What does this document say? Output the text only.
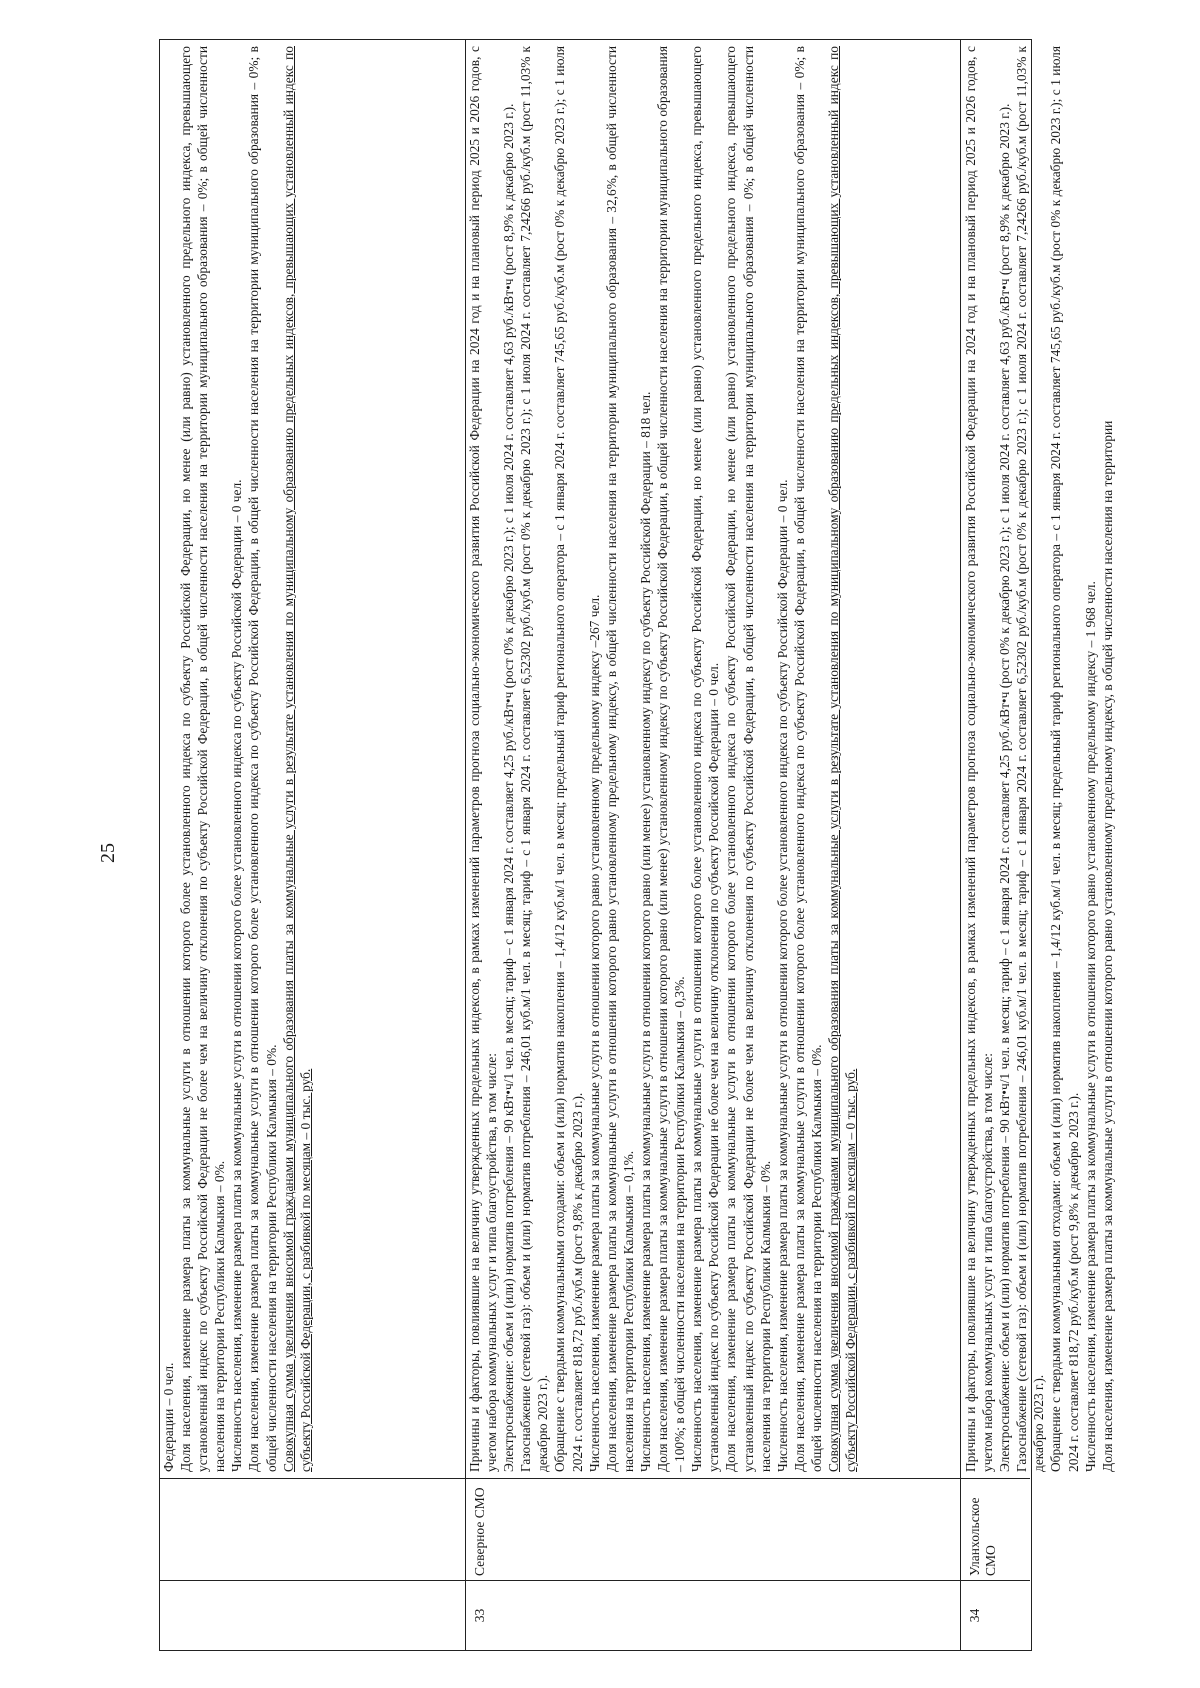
25

Федерации – 0 чел. Доля населения, изменение размера платы за коммунальные услуги в отношении которого более установленного индекса по субъекту Российской Федерации, но менее (или равно) установленного предельного индекса, превышающего установленный индекс по субъекту Российской Федерации не более чем на величину отклонения по субъекту Российской Федерации, в общей численности населения на территории муниципального образования – 0%; в общей численности населения на территории Республики Калмыкия – 0%. Численность населения, изменение размера платы за коммунальные услуги в отношении которого более установленного индекса по субъекту Российской Федерации – 0 чел. Доля населения, изменение размера платы за коммунальные услуги в отношении которого более установленного индекса по субъекту Российской Федерации, в общей численности населения на территории муниципального образования – 0%; в общей численности населения на территории Республики Калмыкия – 0%. Совокупная сумма увеличения вносимой гражданами муниципального образования платы за коммунальные услуги в результате установления по муниципальному образованию предельных индексов, превышающих установленный индекс по субъекту Российской Федерации, с разбивкой по месяцам – 0 тыс. руб.

33
Северное СМО

Причины и факторы, повлиявшие на величину утвержденных предельных индексов, в рамках изменений параметров прогноза социально-экономического развития Российской Федерации на 2024 год и на плановый период 2025 и 2026 годов, с учетом набора коммунальных услуг и типа благоустройства, в том числе: Электроснабжение: объем и (или) норматив потребления – 90 кВт•ч/1 чел. в месяц; тариф – с 1 января 2024 г. составляет 4,25 руб./кВт•ч (рост 0% к декабрю 2023 г.); с 1 июля 2024 г. составляет 4,63 руб./кВт•ч (рост 8,9% к декабрю 2023 г.). Газоснабжение (сетевой газ): объем и (или) норматив потребления – 246,01 куб.м/1 чел. в месяц; тариф – с 1 января 2024 г. составляет 6,52302 руб./куб.м (рост 0% к декабрю 2023 г.); с 1 июля 2024 г. составляет 7,24266 руб./куб.м (рост 11,03% к декабрю 2023 г.). Обращение с твердыми коммунальными отходами: объем и (или) норматив накопления – 1,4/12 куб.м/1 чел. в месяц; предельный тариф регионального оператора – с 1 января 2024 г. составляет 745,65 руб./куб.м (рост 0% к декабрю 2023 г.); с 1 июля 2024 г. составляет 818,72 руб./куб.м (рост 9,8% к декабрю 2023 г.). Численность населения, изменение размера платы за коммунальные услуги в отношении которого равно установленному предельному индексу –267 чел. Доля населения, изменение размера платы за коммунальные услуги в отношении которого равно установленному предельному индексу, в общей численности населения на территории муниципального образования – 32,6%, в общей численности населения на территории Республики Калмыкия – 0,1%. Численность населения, изменение размера платы за коммунальные услуги в отношении которого равно (или менее) установленному индексу по субъекту Российской Федерации – 818 чел. Доля населения, изменение размера платы за коммунальные услуги в отношении которого равно (или менее) установленному индексу по субъекту Российской Федерации, в общей численности населения на территории муниципального образования – 100%; в общей численности населения на территории Республики Калмыкия – 0,3%. Численность населения, изменение размера платы за коммунальные услуги в отношении которого более установленного индекса по субъекту Российской Федерации, но менее (или равно) установленного предельного индекса, превышающего установленный индекс по субъекту Российской Федерации не более чем на величину отклонения по субъекту Российской Федерации – 0 чел. Доля населения, изменение размера платы за коммунальные услуги в отношении которого более установленного индекса по субъекту Российской Федерации, но менее (или равно) установленного предельного индекса, превышающего установленный индекс по субъекту Российской Федерации не более чем на величину отклонения по субъекту Российской Федерации, в общей численности населения на территории муниципального образования – 0%; в общей численности населения на территории Республики Калмыкия – 0%. Численность населения, изменение размера платы за коммунальные услуги в отношении которого более установленного индекса по субъекту Российской Федерации – 0 чел. Доля населения, изменение размера платы за коммунальные услуги в отношении которого более установленного индекса по субъекту Российской Федерации, в общей численности населения на территории муниципального образования – 0%; в общей численности населения на территории Республики Калмыкия – 0%. Совокупная сумма увеличения вносимой гражданами муниципального образования платы за коммунальные услуги в результате установления по муниципальному образованию предельных индексов, превышающих установленный индекс по субъекту Российской Федерации, с разбивкой по месяцам – 0 тыс. руб.

34
Уланхольское СМО

Причины и факторы, повлиявшие на величину утвержденных предельных индексов, в рамках изменений параметров прогноза социально-экономического развития Российской Федерации на 2024 год и на плановый период 2025 и 2026 годов, с учетом набора коммунальных услуг и типа благоустройства, в том числе: Электроснабжение: объем и (или) норматив потребления – 90 кВт•ч/1 чел. в месяц; тариф – с 1 января 2024 г. составляет 4,25 руб./кВт•ч (рост 0% к декабрю 2023 г.); с 1 июля 2024 г. составляет 4,63 руб./кВт•ч (рост 8,9% к декабрю 2023 г.). Газоснабжение (сетевой газ): объем и (или) норматив потребления – 246,01 куб.м/1 чел. в месяц; тариф – с 1 января 2024 г. составляет 6,52302 руб./куб.м (рост 0% к декабрю 2023 г.); с 1 июля 2024 г. составляет 7,24266 руб./куб.м (рост 11,03% к декабрю 2023 г.). Обращение с твердыми коммунальными отходами: объем и (или) норматив накопления – 1,4/12 куб.м/1 чел. в месяц; предельный тариф регионального оператора – с 1 января 2024 г. составляет 745,65 руб./куб.м (рост 0% к декабрю 2023 г.); с 1 июля 2024 г. составляет 818,72 руб./куб.м (рост 9,8% к декабрю 2023 г.). Численность населения, изменение размера платы за коммунальные услуги в отношении которого равно установленному предельному индексу – 1 968 чел. Доля населения, изменение размера платы за коммунальные услуги в отношении которого равно установленному предельному индексу, в общей численности населения на территории
